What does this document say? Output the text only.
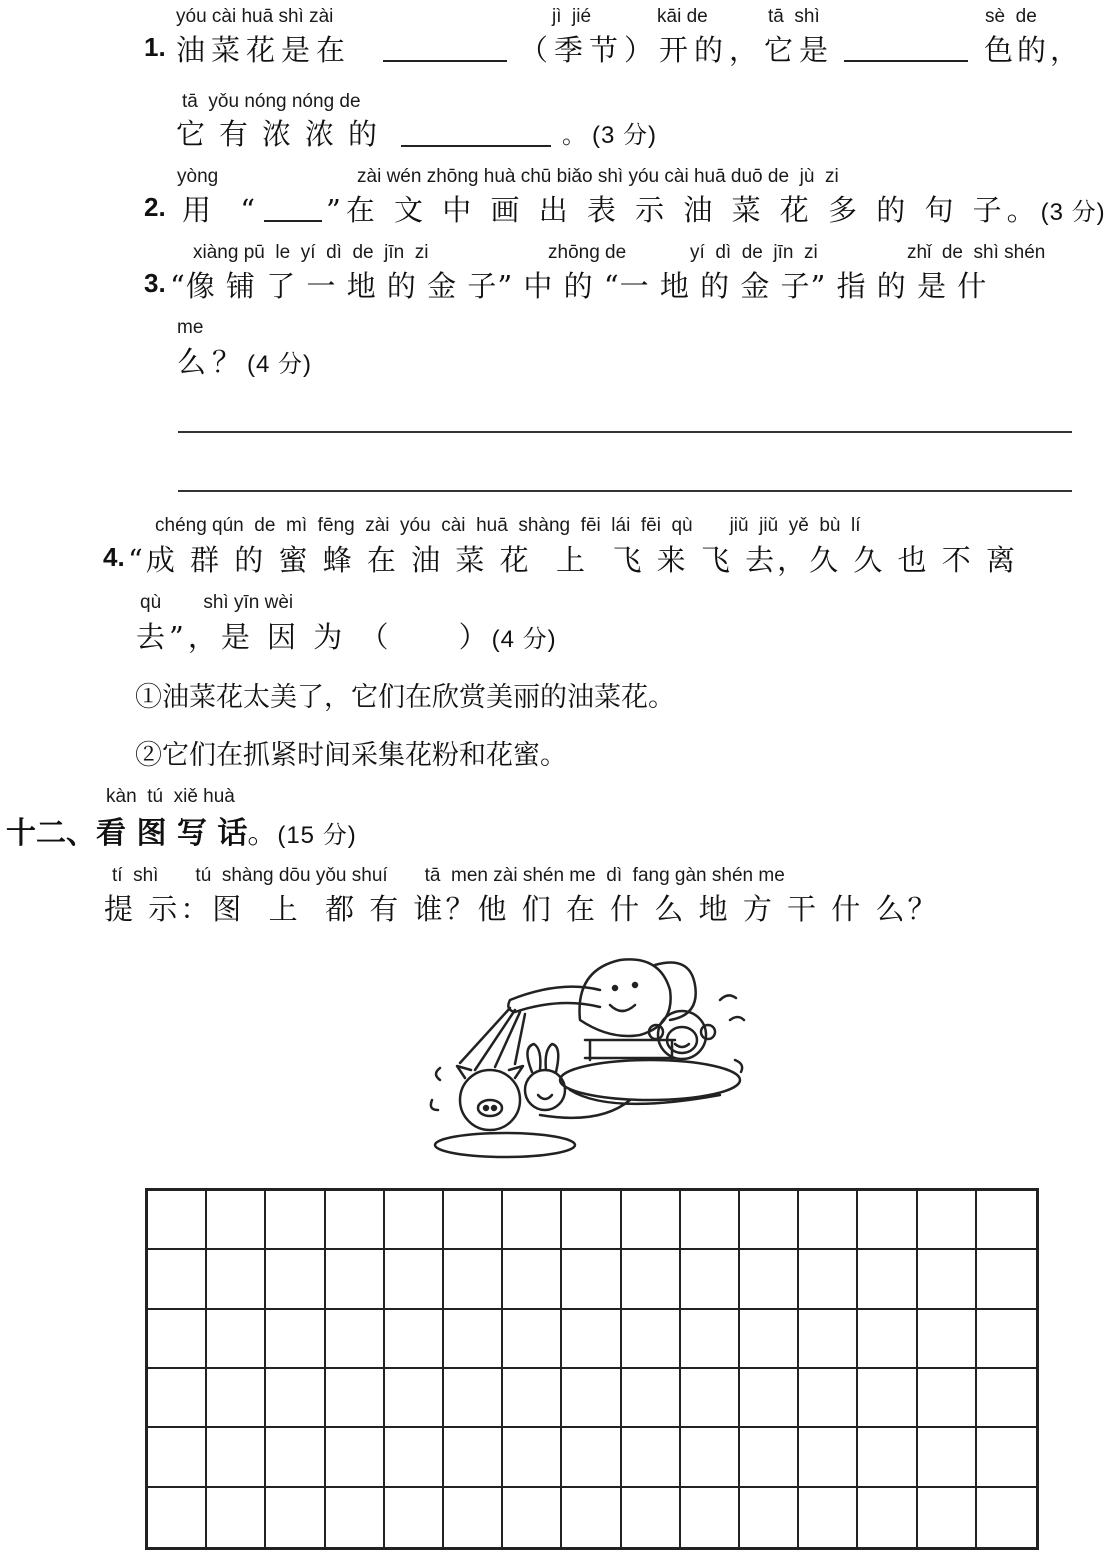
yóu cài huā shì zài	jì  jié	kāi de	tā  shì	sè  de
1. 油菜花是在	（季节）开的，它是	色的，
tā  yǒu nóng nóng de
它有浓浓的	。(3 分)
yòng	zài wén zhōng huà chū biǎo shì yóu cài huā duō de  jù  zi
2. 用 “ ”在 文 中 画 出 表 示 油 菜 花 多 的 句 子。(3 分)
xiàng pū  le  yí  dì  de  jīn  zi	zhōng de	yí  dì  de  jīn  zi	zhǐ  de  shì shén
3. “像 铺 了 一 地 的 金 子” 中 的 “一 地 的 金 子” 指 的 是 什
me
么？(4 分)
chéng qún  de  mì  fēng  zài  yóu  cài  huā  shàng  fēi  lái  fēi  qù       jiǔ  jiǔ  yě  bù  lí
4. “成 群 的 蜜 蜂 在 油 菜 花  上  飞 来 飞 去，久 久 也 不 离
qù        shì yīn wèi
去”，是 因 为 （     ）(4 分)
①油菜花太美了，它们在欣赏美丽的油菜花。
②它们在抓紧时间采集花粉和花蜜。
kàn  tú  xiě huà
十二、看 图 写 话。(15 分)
tí  shì       tú  shàng dōu yǒu shuí       tā  men zài shén me  dì  fang gàn shén me
提 示：图  上  都 有 谁？他 们 在 什 么 地 方 干 什 么？
